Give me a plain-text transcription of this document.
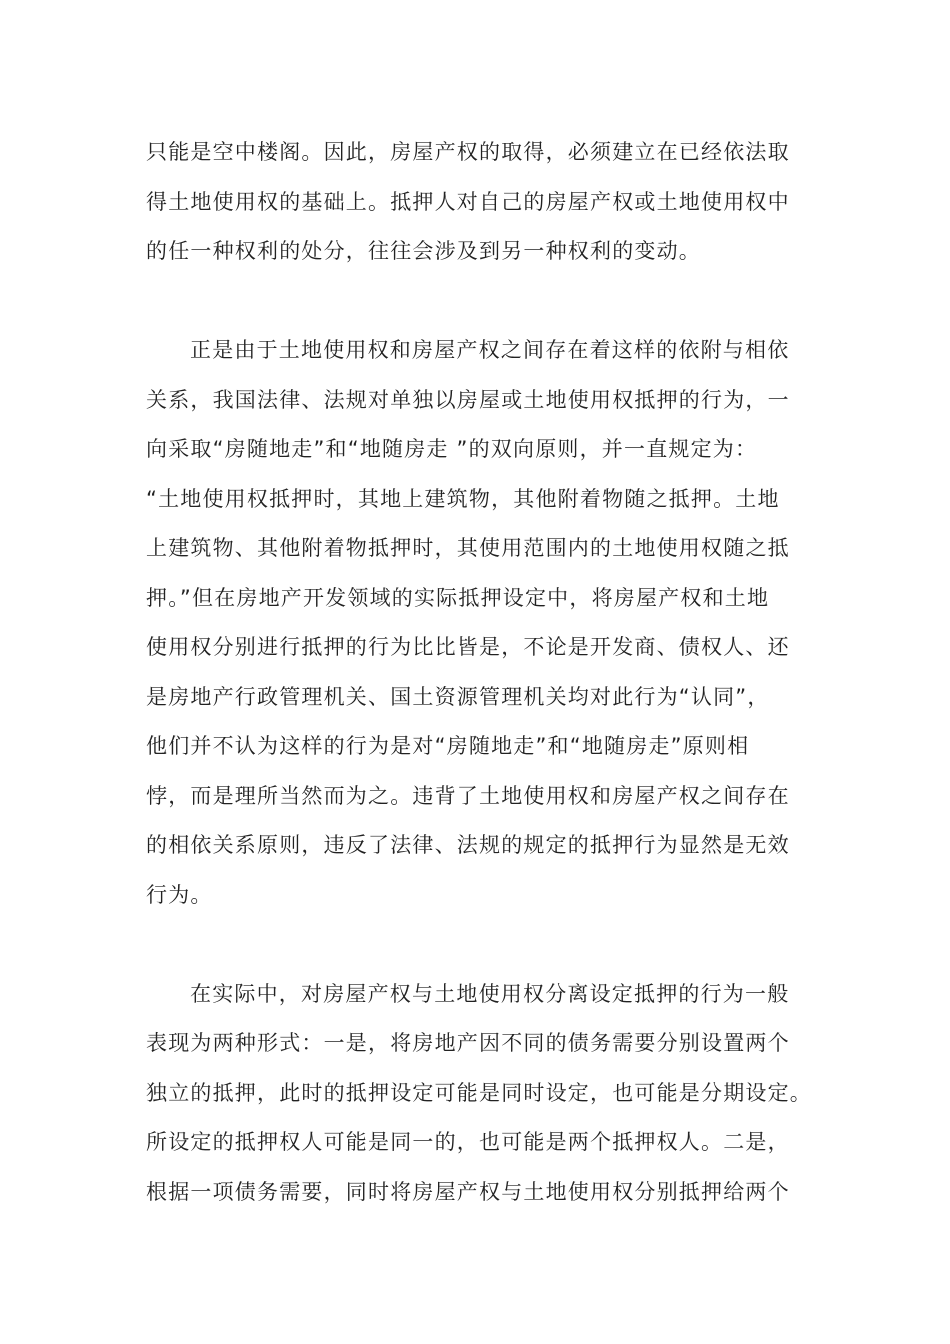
只能是空中楼阁。因此，房屋产权的取得，必须建立在已经依法取
得土地使用权的基础上。抵押人对自己的房屋产权或土地使用权中
的任一种权利的处分，往往会涉及到另一种权利的变动。
正是由于土地使用权和房屋产权之间存在着这样的依附与相依
关系，我国法律、法规对单独以房屋或土地使用权抵押的行为，一
向采取“房随地走”和“地随房走 ”的双向原则，并一直规定为：
“土地使用权抵押时，其地上建筑物，其他附着物随之抵押。土地
上建筑物、其他附着物抵押时，其使用范围内的土地使用权随之抵
押。”但在房地产开发领域的实际抵押设定中，将房屋产权和土地
使用权分别进行抵押的行为比比皆是，不论是开发商、债权人、还
是房地产行政管理机关、国土资源管理机关均对此行为“认同”，
他们并不认为这样的行为是对“房随地走”和“地随房走”原则相
悖，而是理所当然而为之。违背了土地使用权和房屋产权之间存在
的相依关系原则，违反了法律、法规的规定的抵押行为显然是无效
行为。
在实际中，对房屋产权与土地使用权分离设定抵押的行为一般
表现为两种形式：一是，将房地产因不同的债务需要分别设置两个
独立的抵押，此时的抵押设定可能是同时设定，也可能是分期设定。
所设定的抵押权人可能是同一的，也可能是两个抵押权人。二是，
根据一项债务需要，同时将房屋产权与土地使用权分别抵押给两个
